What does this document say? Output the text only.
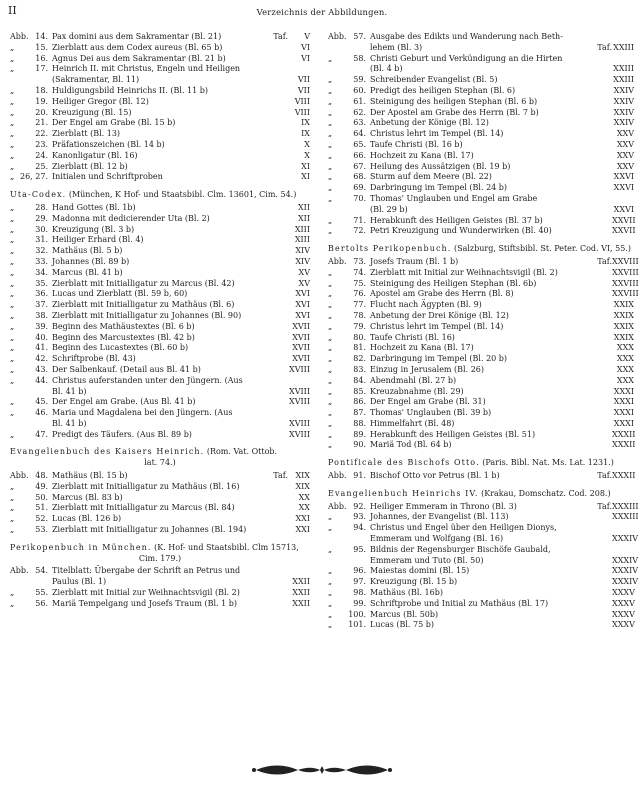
II	Verzeichnis der Abbildungen.
Abb. 14. Pax domini aus dem Sakramentar (Bl. 21)	Taf.	V
„	15. Zierblatt aus dem Codex aureus (Bl. 65 b)	VI
„	16. Agnus Dei aus dem Sakramentar (Bl. 21 b)	VI
„	17. Heinrich II. mit Christus, Engeln und Heiligen
(Sakramentar, Bl. 11)	VII
„	18. Huldigungsbild Heinrichs II. (Bl. 11 b)	VII
„	19. Heiliger Gregor (Bl. 12)	VIII
„	20. Kreuzigung (Bl. 15)	VIII
„	21. Der Engel am Grabe (Bl. 15 b)	IX
„	22. Zierblatt (Bl. 13)	IX
„	23. Präfationszeichen (Bl. 14 b)	X
„	24. Kanonligatur (Bl. 16)	X
„	25. Zierblatt (Bl. 12 b)	XI
„ 26, 27. Initialen und Schriftproben	XI
Uta-Codex. (München, K Hof- und Staatsbibl. Clm. 13601, Cim. 54.)
„	28. Hand Gottes (Bl. 1b)	XII
„	29. Madonna mit dedicierender Uta (Bl. 2)	XII
„	30. Kreuzigung (Bl. 3 b)	XIII
„	31. Heiliger Erhard (Bl. 4)	XIII
„	32. Mathäus (Bl. 5 b)	XIV
„	33. Johannes (Bl. 89 b)	XIV
„	34. Marcus (Bl. 41 b)	XV
„	35. Zierblatt mit Initialligatur zu Marcus (Bl. 42)	XV
„	36. Lucas und Zierblatt (Bl. 59 b, 60)	XVI
„	37. Zierblatt mit Initialligatur zu Mathäus (Bl. 6)	XVI
„	38. Zierblatt mit Initialligatur zu Johannes (Bl. 90)	XVI
„	39. Beginn des Mathäustextes (Bl. 6 b)	XVII
„	40. Beginn des Marcustextes (Bl. 42 b)	XVII
„	41. Beginn des Lucastextes (Bl. 60 b)	XVII
„	42. Schriftprobe (Bl. 43)	XVII
„	43. Der Salbenkauf. (Detail aus Bl. 41 b)	XVIII
„	44. Christus auferstanden unter den Jüngern. (Aus
Bl. 41 b)	XVIII
„	45. Der Engel am Grabe. (Aus Bl. 41 b)	XVIII
„	46. Maria und Magdalena bei den Jüngern. (Aus
Bl. 41 b)	XVIII
„	47. Predigt des Täufers. (Aus Bl. 89 b)	XVIII
Evangelienbuch des Kaisers Heinrich. (Rom. Vat. Ottob.
lat. 74.)
Abb. 48. Mathäus (Bl. 15 b)	Taf. XIX
„	49. Zierblatt mit Initialligatur zu Mathäus (Bl. 16)	XIX
„	50. Marcus (Bl. 83 b)	XX
„	51. Zierblatt mit Initialligatur zu Marcus (Bl. 84)	XX
„	52. Lucas (Bl. 126 b)	XXI
„	53. Zierblatt mit Initialligatur zu Johannes (Bl. 194)	XXI
Perikopenbuch in München. (K. Hof- und Staatsbibl. Clm 15713,
Cim. 179.)
Abb. 54. Titelblatt: Übergabe der Schrift an Petrus und
Paulus (Bl. 1)	XXII
„	55. Zierblatt mit Initial zur Weihnachtsvigil (Bl. 2)	XXII
„	56. Mariä Tempelgang und Josefs Traum (Bl. 1 b)	XXII
Abb. 57. Ausgabe des Edikts und Wanderung nach Beth-
lehem (Bl. 3)	Taf. XXIII
„	58. Christi Geburt und Verkündigung an die Hirten
(Bl. 4 b)	XXIII
„	59. Schreibender Evangelist (Bl. 5)	XXIII
„	60. Predigt des heiligen Stephan (Bl. 6)	XXIV
„	61. Steinigung des heiligen Stephan (Bl. 6 b)	XXIV
„	62. Der Apostel am Grabe des Herrn (Bl. 7 b)	XXIV
„	63. Anbetung der Könige (Bl. 12)	XXIV
„	64. Christus lehrt im Tempel (Bl. 14)	XXV
„	65. Taufe Christi (Bl. 16 b)	XXV
„	66. Hochzeit zu Kana (Bl. 17)	XXV
„	67. Heilung des Aussätzigen (Bl. 19 b)	XXV
„	68. Sturm auf dem Meere (Bl. 22)	XXVI
„	69. Darbringung im Tempel (Bl. 24 b)	XXVI
„	70. Thomas' Unglauben und Engel am Grabe
(Bl. 29 b)	XXVI
„	71. Herabkunft des Heiligen Geistes (Bl. 37 b)	XXVII
„	72. Petri Kreuzigung und Wunderwirken (Bl. 40)	XXVII
Bertolts Perikopenbuch. (Salzburg, Stiftsbibl. St. Peter. Cod. VI, 55.)
Abb. 73. Josefs Traum (Bl. 1 b)	Taf. XXVIII
„	74. Zierblatt mit Initial zur Weihnachtsvigil (Bl. 2)	XXVIII
„	75. Steinigung des Heiligen Stephan (Bl. 6b)	XXVIII
„	76. Apostel am Grabe des Herrn (Bl. 8)	XXVIII
„	77. Flucht nach Ägypten (Bl. 9)	XXIX
„	78. Anbetung der Drei Könige (Bl. 12)	XXIX
„	79. Christus lehrt im Tempel (Bl. 14)	XXIX
„	80. Taufe Christi (Bl. 16)	XXIX
„	81. Hochzeit zu Kana (Bl. 17)	XXX
„	82. Darbringung im Tempel (Bl. 20 b)	XXX
„	83. Einzug in Jerusalem (Bl. 26)	XXX
„	84. Abendmahl (Bl. 27 b)	XXX
„	85. Kreuzabnahme (Bl. 29)	XXXI
„	86. Der Engel am Grabe (Bl. 31)	XXXI
„	87. Thomas' Unglauben (Bl. 39 b)	XXXI
„	88. Himmelfahrt (Bl. 48)	XXXI
„	89. Herabkunft des Heiligen Geistes (Bl. 51)	XXXII
„	90. Mariä Tod (Bl. 64 b)	XXXII
Pontificale des Bischofs Otto. (Paris. Bibl. Nat. Ms. Lat. 1231.)
Abb. 91. Bischof Otto vor Petrus (Bl. 1 b)	Taf. XXXII
Evangelienbuch Heinrichs IV. (Krakau, Domschatz. Cod. 208.)
Abb. 92. Heiliger Emmeram in Throno (Bl. 3)	Taf. XXXIII
„	93. Johannes, der Evangelist (Bl. 113)	XXXIII
„	94. Christus und Engel über den Heiligen Dionys,
Emmeram und Wolfgang (Bl. 16)	XXXIV
„	95. Bildnis der Regensburger Bischöfe Gaubald,
Emmeram und Tuto (Bl. 50)	XXXIV
„	96. Maiestas domini (Bl. 15)	XXXIV
„	97. Kreuzigung (Bl. 15 b)	XXXIV
„	98. Mathäus (Bl. 16b)	XXXV
„	99. Schriftprobe und Initial zu Mathäus (Bl. 17)	XXXV
„	100. Marcus (Bl. 50b)	XXXV
„	101. Lucas (Bl. 75 b)	XXXV
